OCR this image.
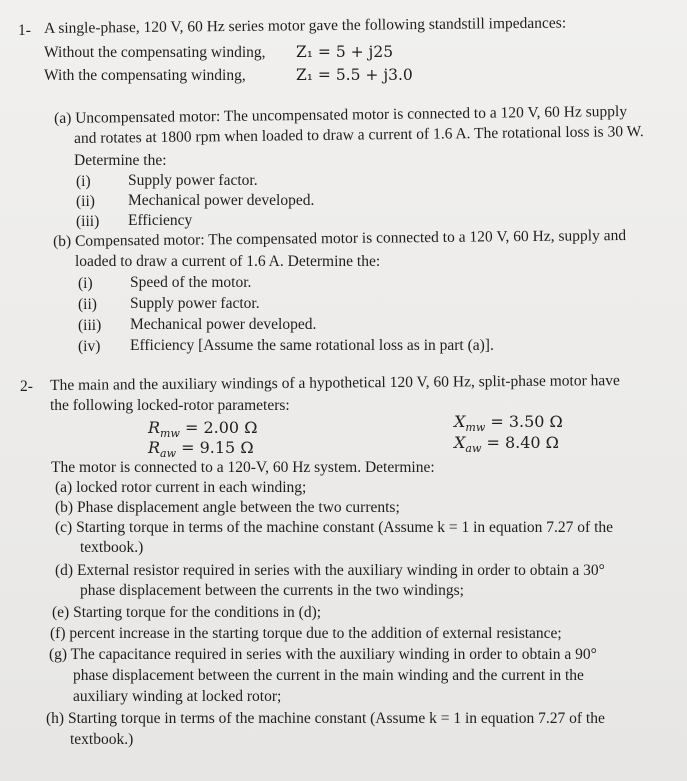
1- A single-phase, 120 V, 60 Hz series motor gave the following standstill impedances:
Without the compensating winding, Z₁ = 5 + j25
With the compensating winding,	Z₁ = 5.5 + j3.0
(a) Uncompensated motor: The uncompensated motor is connected to a 120 V, 60 Hz supply
and rotates at 1800 rpm when loaded to draw a current of 1.6 A. The rotational loss is 30 W.
Determine the:
(i) Supply power factor.
(ii) Mechanical power developed.
(iii) Efficiency
(b) Compensated motor: The compensated motor is connected to a 120 V, 60 Hz, supply and
loaded to draw a current of 1.6 A. Determine the:
(i) Speed of the motor.
(ii) Supply power factor.
(iii) Mechanical power developed.
(iv) Efficiency [Assume the same rotational loss as in part (a)].
2- The main and the auxiliary windings of a hypothetical 120 V, 60 Hz, split-phase motor have
the following locked-rotor parameters:
$R_{mw} = 2.00$ Ω
$R_{aw} = 9.15$ Ω
$X_{mw} = 3.50$ Ω
$X_{aw} = 8.40$ Ω
The motor is connected to a 120-V, 60 Hz system. Determine:
(a) locked rotor current in each winding;
(b) Phase displacement angle between the two currents;
(c) Starting torque in terms of the machine constant (Assume k = 1 in equation 7.27 of the
textbook.)
(d) External resistor required in series with the auxiliary winding in order to obtain a 30°
phase displacement between the currents in the two windings;
(e) Starting torque for the conditions in (d);
(f) percent increase in the starting torque due to the addition of external resistance;
(g) The capacitance required in series with the auxiliary winding in order to obtain a 90°
phase displacement between the current in the main winding and the current in the
auxiliary winding at locked rotor;
(h) Starting torque in terms of the machine constant (Assume k = 1 in equation 7.27 of the
textbook.)
